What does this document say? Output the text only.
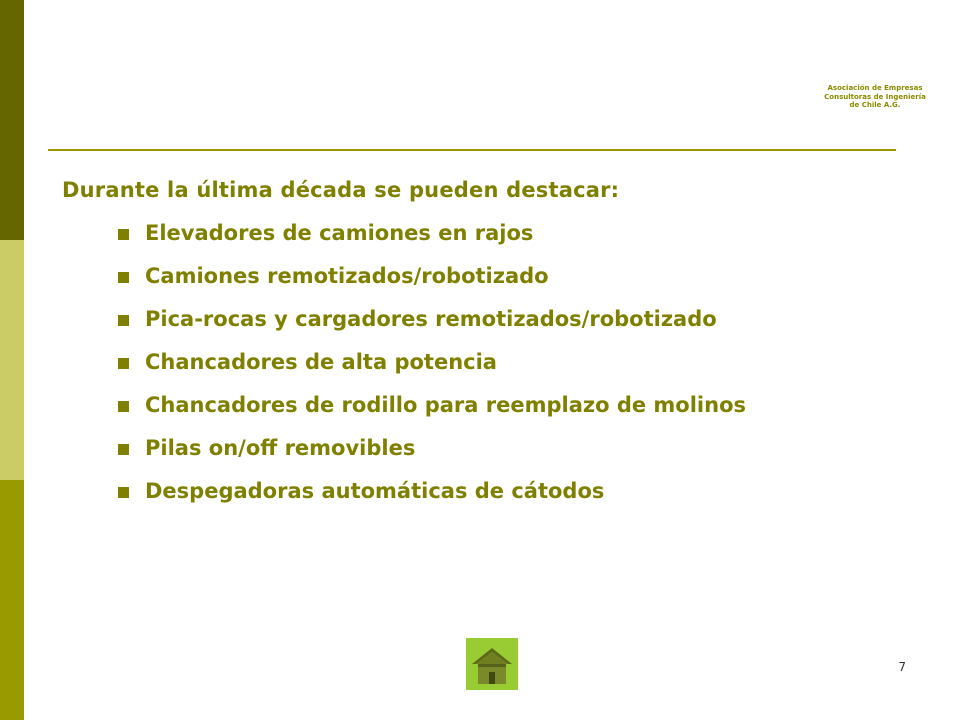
Asociación de Empresas
Consultoras de Ingeniería
de Chile A.G.
Durante la última década se pueden destacar:
Elevadores de camiones en rajos
Camiones remotizados/robotizado
Pica-rocas y cargadores remotizados/robotizado
Chancadores de alta potencia
Chancadores de rodillo para reemplazo de molinos
Pilas on/off removibles
Despegadoras automáticas de cátodos
7
